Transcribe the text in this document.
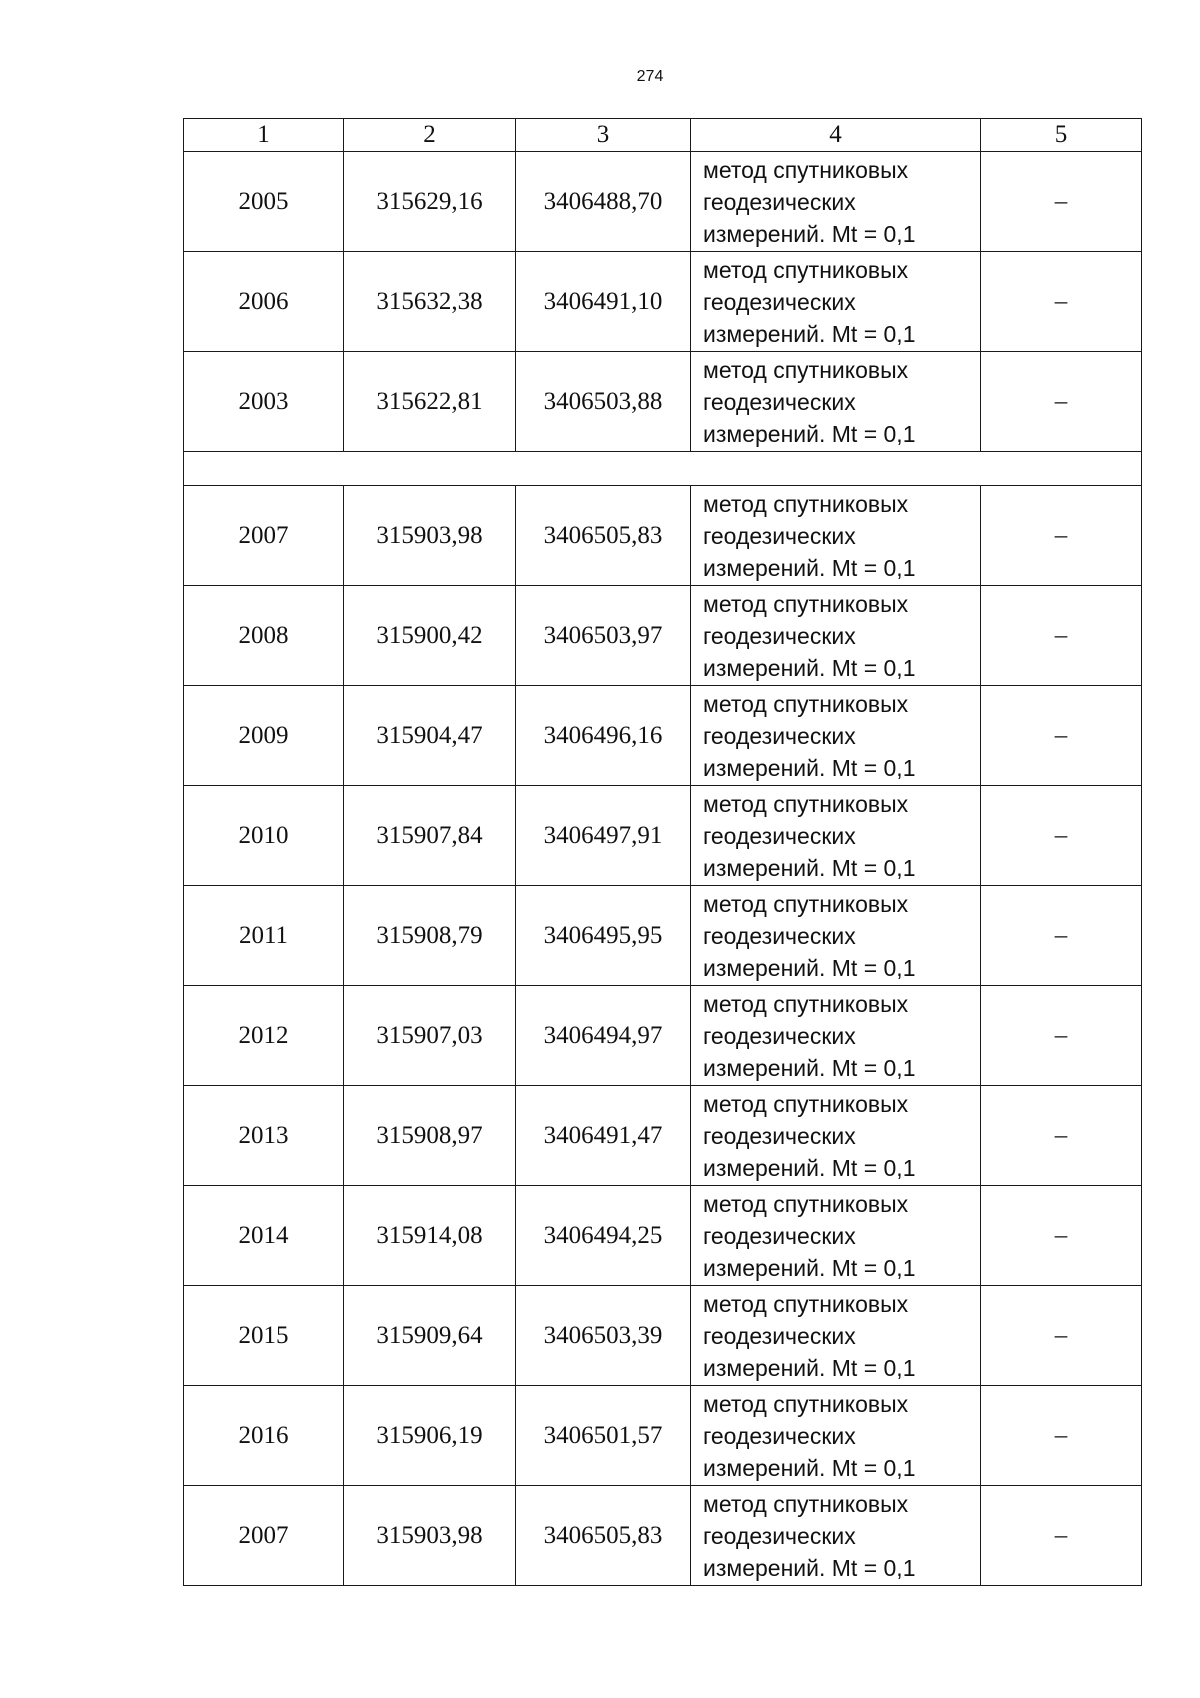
274
1	2	3	4	5
2005	315629,16	3406488,70	метод спутниковых
геодезических
измерений. Mt = 0,1	–
2006	315632,38	3406491,10	метод спутниковых
геодезических
измерений. Mt = 0,1	–
2003	315622,81	3406503,88	метод спутниковых
геодезических
измерений. Mt = 0,1	–

2007	315903,98	3406505,83	метод спутниковых
геодезических
измерений. Mt = 0,1	–
2008	315900,42	3406503,97	метод спутниковых
геодезических
измерений. Mt = 0,1	–
2009	315904,47	3406496,16	метод спутниковых
геодезических
измерений. Mt = 0,1	–
2010	315907,84	3406497,91	метод спутниковых
геодезических
измерений. Mt = 0,1	–
2011	315908,79	3406495,95	метод спутниковых
геодезических
измерений. Mt = 0,1	–
2012	315907,03	3406494,97	метод спутниковых
геодезических
измерений. Mt = 0,1	–
2013	315908,97	3406491,47	метод спутниковых
геодезических
измерений. Mt = 0,1	–
2014	315914,08	3406494,25	метод спутниковых
геодезических
измерений. Mt = 0,1	–
2015	315909,64	3406503,39	метод спутниковых
геодезических
измерений. Mt = 0,1	–
2016	315906,19	3406501,57	метод спутниковых
геодезических
измерений. Mt = 0,1	–
2007	315903,98	3406505,83	метод спутниковых
геодезических
измерений. Mt = 0,1	–
